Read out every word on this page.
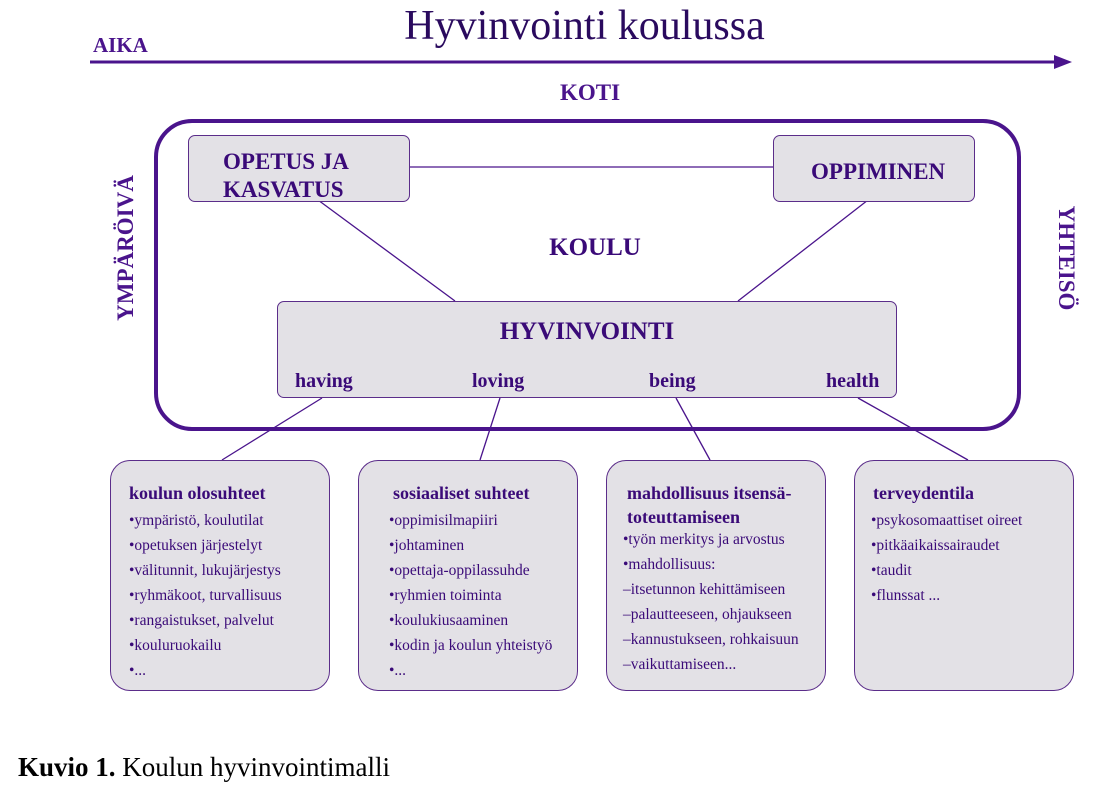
Hyvinvointi koulussa
AIKA
KOTI
YMPÄRÖIVÄ	YHTEISÖ
OPETUS JA
KASVATUS
OPPIMINEN
KOULU
HYVINVOINTI
having	loving	being	health
koulun olosuhteet
•ympäristö, koulutilat
•opetuksen järjestelyt
•välitunnit, lukujärjestys
•ryhmäkoot, turvallisuus
•rangaistukset, palvelut
•kouluruokailu
•...
sosiaaliset suhteet
•oppimisilmapiiri
•johtaminen
•opettaja-oppilassuhde
•ryhmien toiminta
•koulukiusaaminen
•kodin ja koulun yhteistyö
•...
mahdollisuus itsensä-
toteuttamiseen
•työn merkitys ja arvostus
•mahdollisuus:
–itsetunnon kehittämiseen
–palautteeseen, ohjaukseen
–kannustukseen, rohkaisuun
–vaikuttamiseen...
terveydentila
•psykosomaattiset oireet
•pitkäaikaissairaudet
•taudit
•flunssat ...
Kuvio 1. Koulun hyvinvointimalli
